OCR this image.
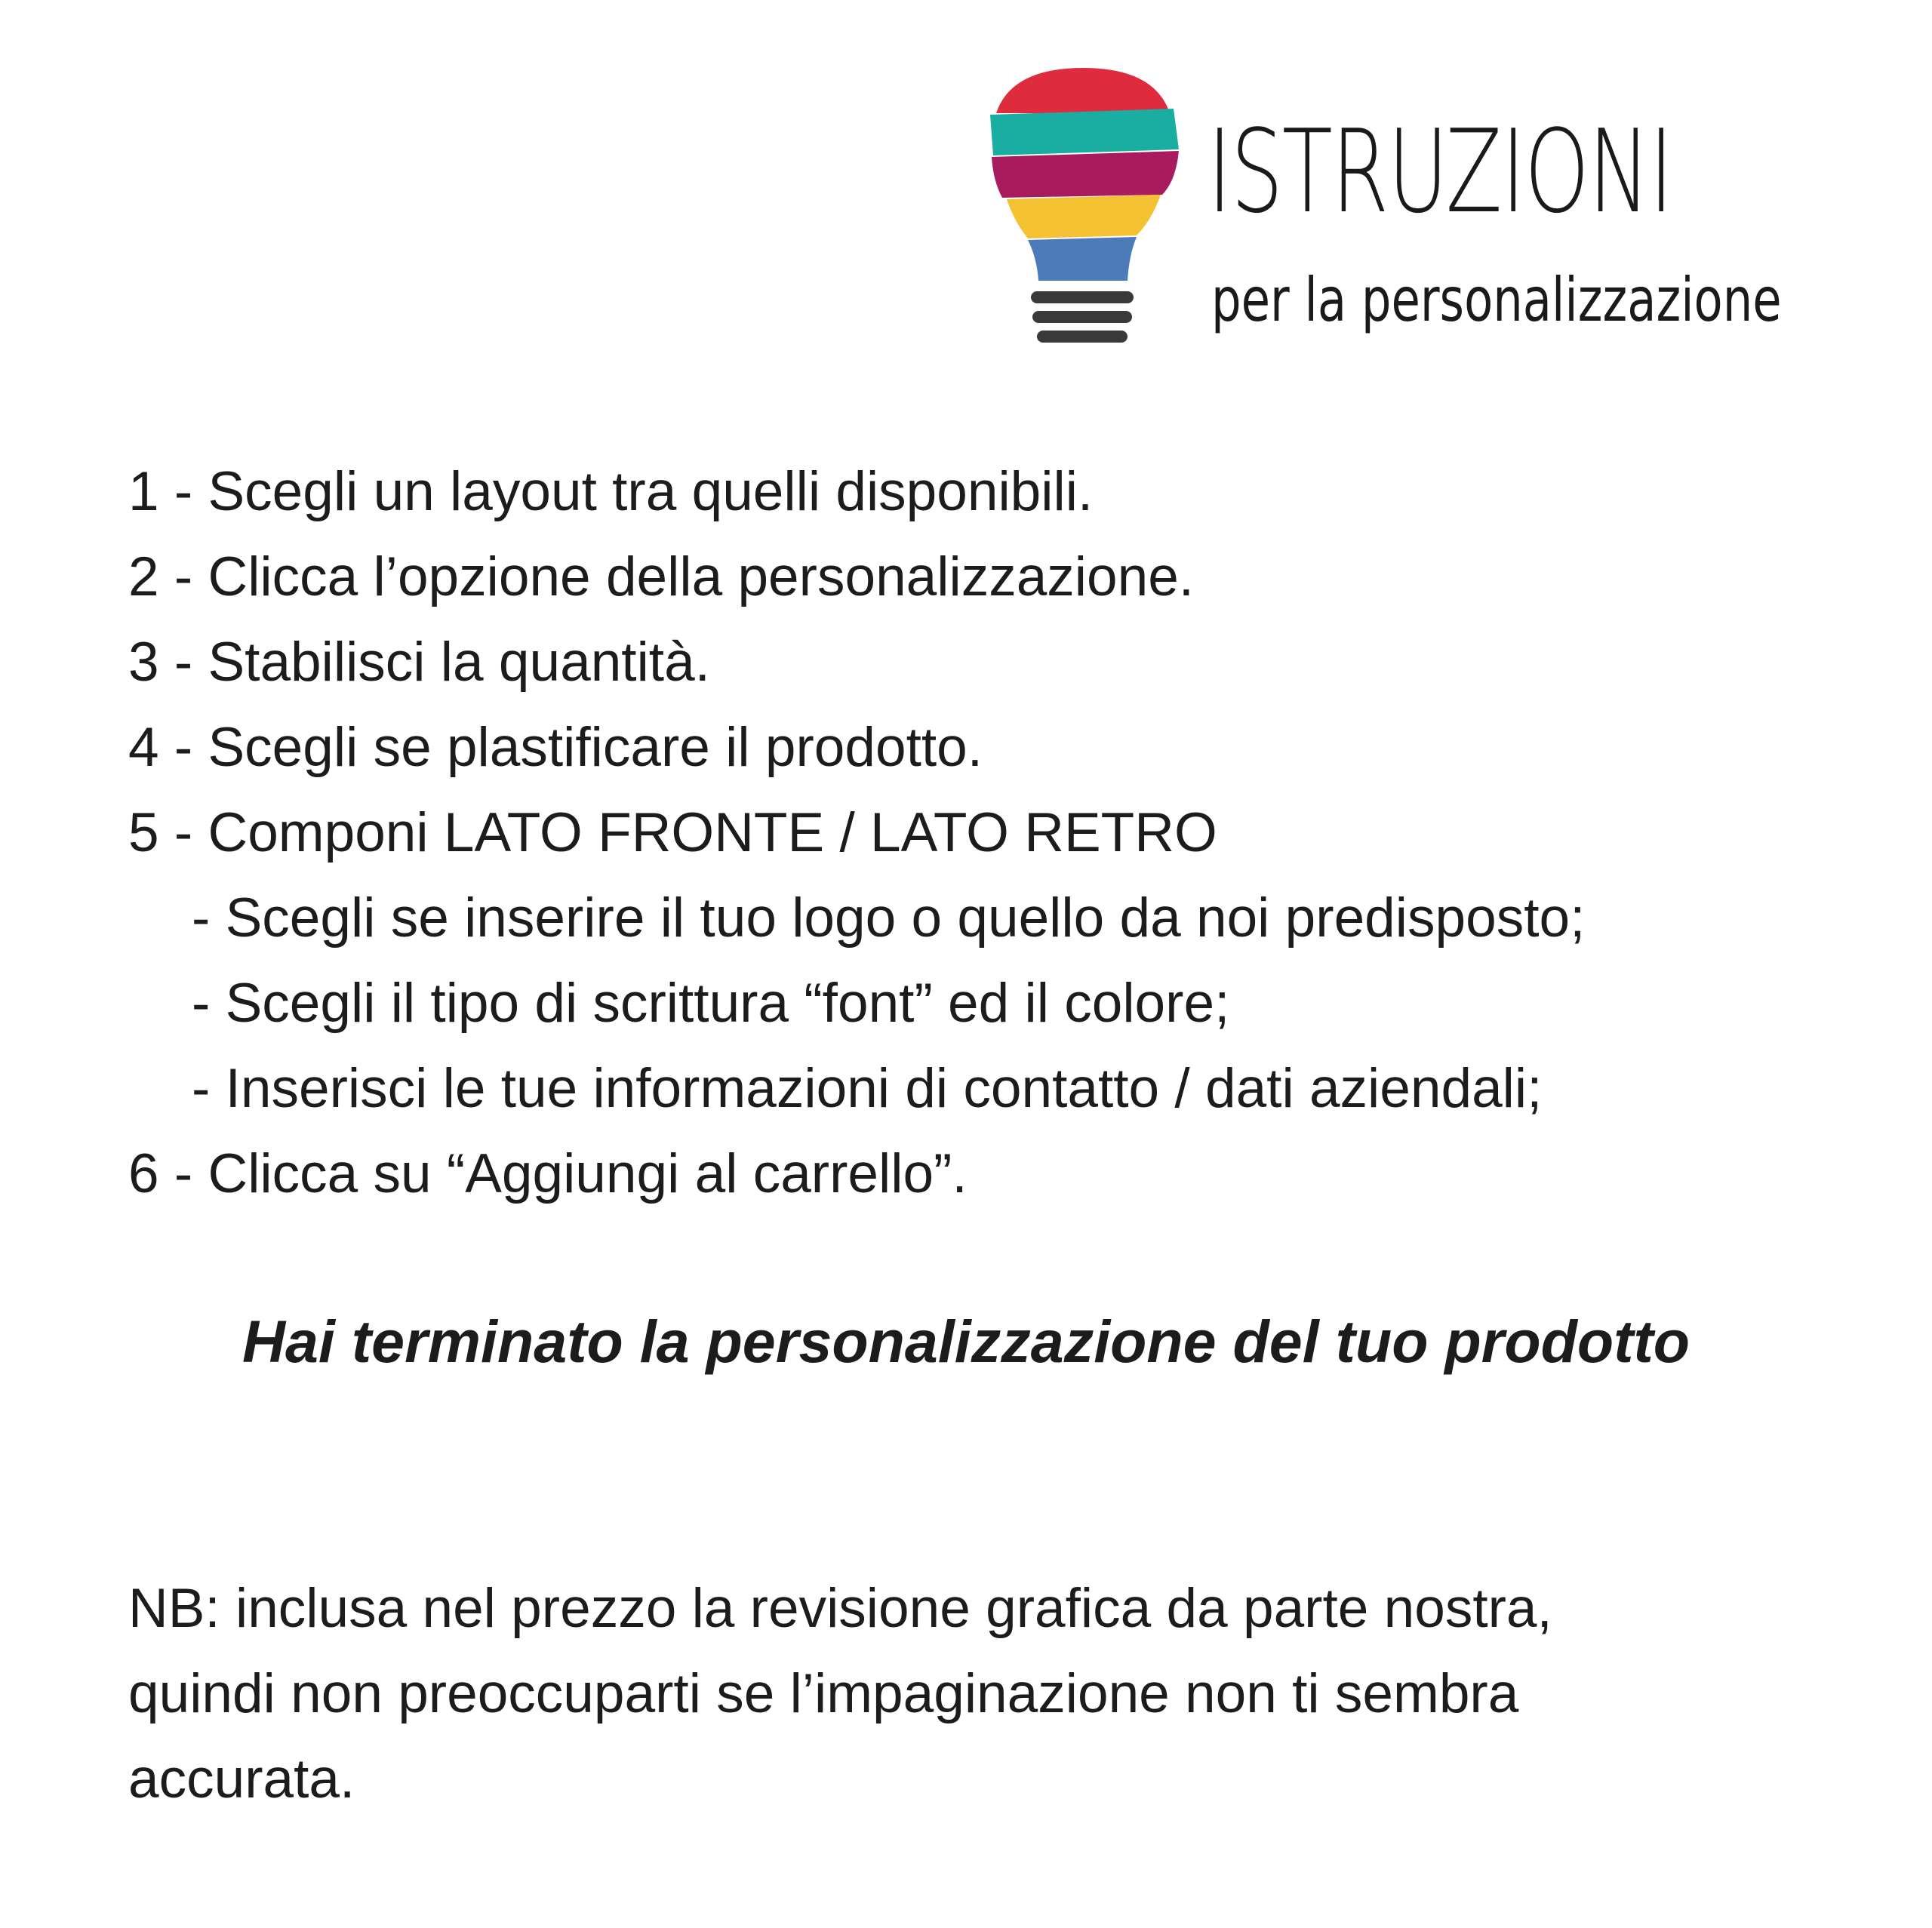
ISTRUZIONI
per la personalizzazione
1 - Scegli un layout tra quelli disponibili.
2 - Clicca l’opzione della personalizzazione.
3 - Stabilisci la quantità.
4 - Scegli se plastificare il prodotto.
5 - Componi LATO FRONTE / LATO RETRO
- Scegli se inserire il tuo logo o quello da noi predisposto;
- Scegli il tipo di scrittura “font” ed il colore;
- Inserisci le tue informazioni di contatto / dati aziendali;
6 - Clicca su “Aggiungi al carrello”.
Hai terminato la personalizzazione del tuo prodotto
NB: inclusa nel prezzo la revisione grafica da parte nostra,
quindi non preoccuparti se l’impaginazione non ti sembra
accurata.
